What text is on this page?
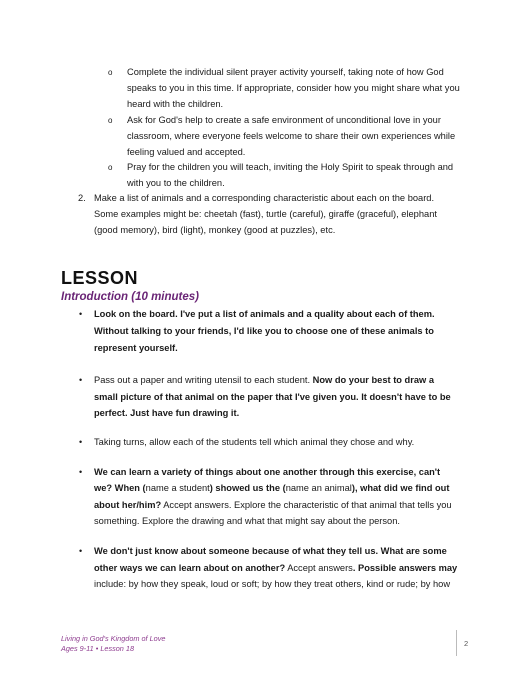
o Complete the individual silent prayer activity yourself, taking note of how God
speaks to you in this time. If appropriate, consider how you might share what you
heard with the children.
o Ask for God's help to create a safe environment of unconditional love in your
classroom, where everyone feels welcome to share their own experiences while
feeling valued and accepted.
o Pray for the children you will teach, inviting the Holy Spirit to speak through and
with you to the children.
2. Make a list of animals and a corresponding characteristic about each on the board.
Some examples might be: cheetah (fast), turtle (careful), giraffe (graceful), elephant
(good memory), bird (light), monkey (good at puzzles), etc.
LESSON
Introduction (10 minutes)
• Look on the board. I've put a list of animals and a quality about each of them.
Without talking to your friends, I'd like you to choose one of these animals to
represent yourself.
• Pass out a paper and writing utensil to each student. Now do your best to draw a
small picture of that animal on the paper that I've given you. It doesn't have to be
perfect. Just have fun drawing it.
• Taking turns, allow each of the students tell which animal they chose and why.
• We can learn a variety of things about one another through this exercise, can't
we? When (name a student) showed us the (name an animal), what did we find out
about her/him? Accept answers. Explore the characteristic of that animal that tells you
something. Explore the drawing and what that might say about the person.
• We don't just know about someone because of what they tell us. What are some
other ways we can learn about on another? Accept answers. Possible answers may
include: by how they speak, loud or soft; by how they treat others, kind or rude; by how
Living in God's Kingdom of Love
Ages 9-11 • Lesson 18
2
